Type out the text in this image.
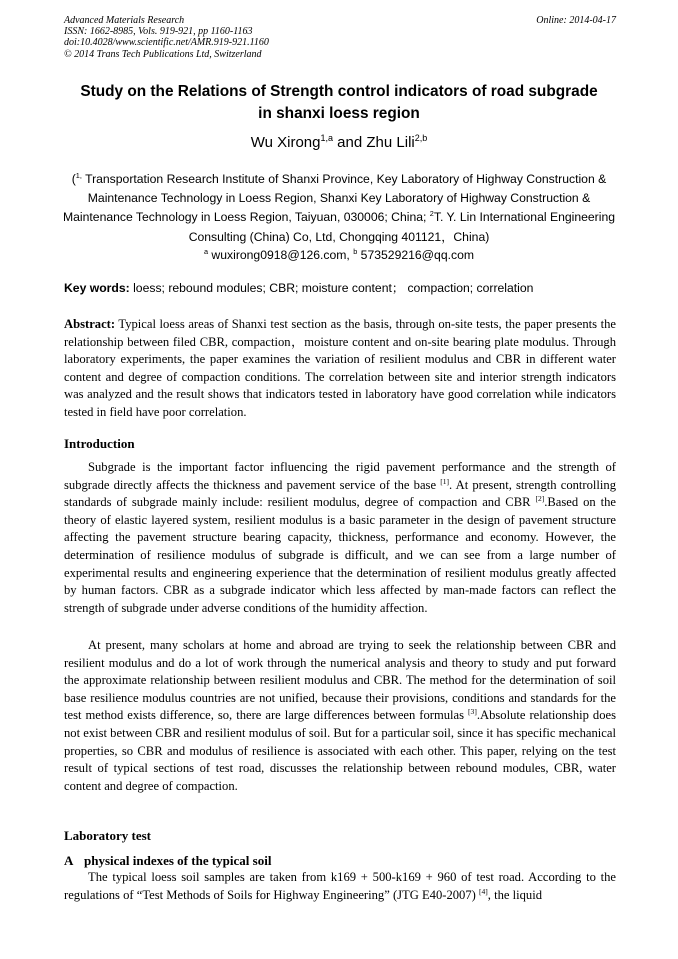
Advanced Materials Research
ISSN: 1662-8985, Vols. 919-921, pp 1160-1163
doi:10.4028/www.scientific.net/AMR.919-921.1160
© 2014 Trans Tech Publications Ltd, Switzerland
Online: 2014-04-17
Study on the Relations of Strength control indicators of road subgrade
in shanxi loess region
Wu Xirong$^{1,a}$ and Zhu Lili$^{2,b}$
($^{1,}$ Transportation Research Institute of Shanxi Province, Key Laboratory of Highway Construction & Maintenance Technology in Loess Region, Shanxi Key Laboratory of Highway Construction & Maintenance Technology in Loess Region, Taiyuan, 030006; China; $^2$T. Y. Lin International Engineering Consulting (China) Co, Ltd, Chongqing 401121，China)
$^a$ wuxirong0918@126.com, $^b$ 573529216@qq.com
Key words: loess; rebound modules; CBR; moisture content； compaction; correlation
Abstract: Typical loess areas of Shanxi test section as the basis, through on-site tests, the paper presents the relationship between filed CBR, compaction，moisture content and on-site bearing plate modulus. Through laboratory experiments, the paper examines the variation of resilient modulus and CBR in different water content and degree of compaction conditions. The correlation between site and interior strength indicators was analyzed and the result shows that indicators tested in laboratory have good correlation while indicators tested in field have poor correlation.
Introduction
Subgrade is the important factor influencing the rigid pavement performance and the strength of subgrade directly affects the thickness and pavement service of the base [1]. At present, strength controlling standards of subgrade mainly include: resilient modulus, degree of compaction and CBR [2].Based on the theory of elastic layered system, resilient modulus is a basic parameter in the design of pavement structure affecting the pavement structure bearing capacity, thickness, performance and economy. However, the determination of resilience modulus of subgrade is difficult, and we can see from a large number of experimental results and engineering experience that the determination of resilient modulus greatly affected by human factors. CBR as a subgrade indicator which less affected by man-made factors can reflect the strength of subgrade under adverse conditions of the humidity affection.
At present, many scholars at home and abroad are trying to seek the relationship between CBR and resilient modulus and do a lot of work through the numerical analysis and theory to study and put forward the approximate relationship between resilient modulus and CBR. The method for the determination of soil base resilience modulus countries are not unified, because their provisions, conditions and standards for the test method exists difference, so, there are large differences between formulas [3].Absolute relationship does not exist between CBR and resilient modulus of soil. But for a particular soil, since it has specific mechanical properties, so CBR and modulus of resilience is associated with each other. This paper, relying on the test result of typical sections of test road, discusses the relationship between rebound modules, CBR, water content and degree of compaction.
Laboratory test
A physical indexes of the typical soil
The typical loess soil samples are taken from k169 + 500-k169 + 960 of test road. According to the regulations of “Test Methods of Soils for Highway Engineering” (JTG E40-2007) [4], the liquid
